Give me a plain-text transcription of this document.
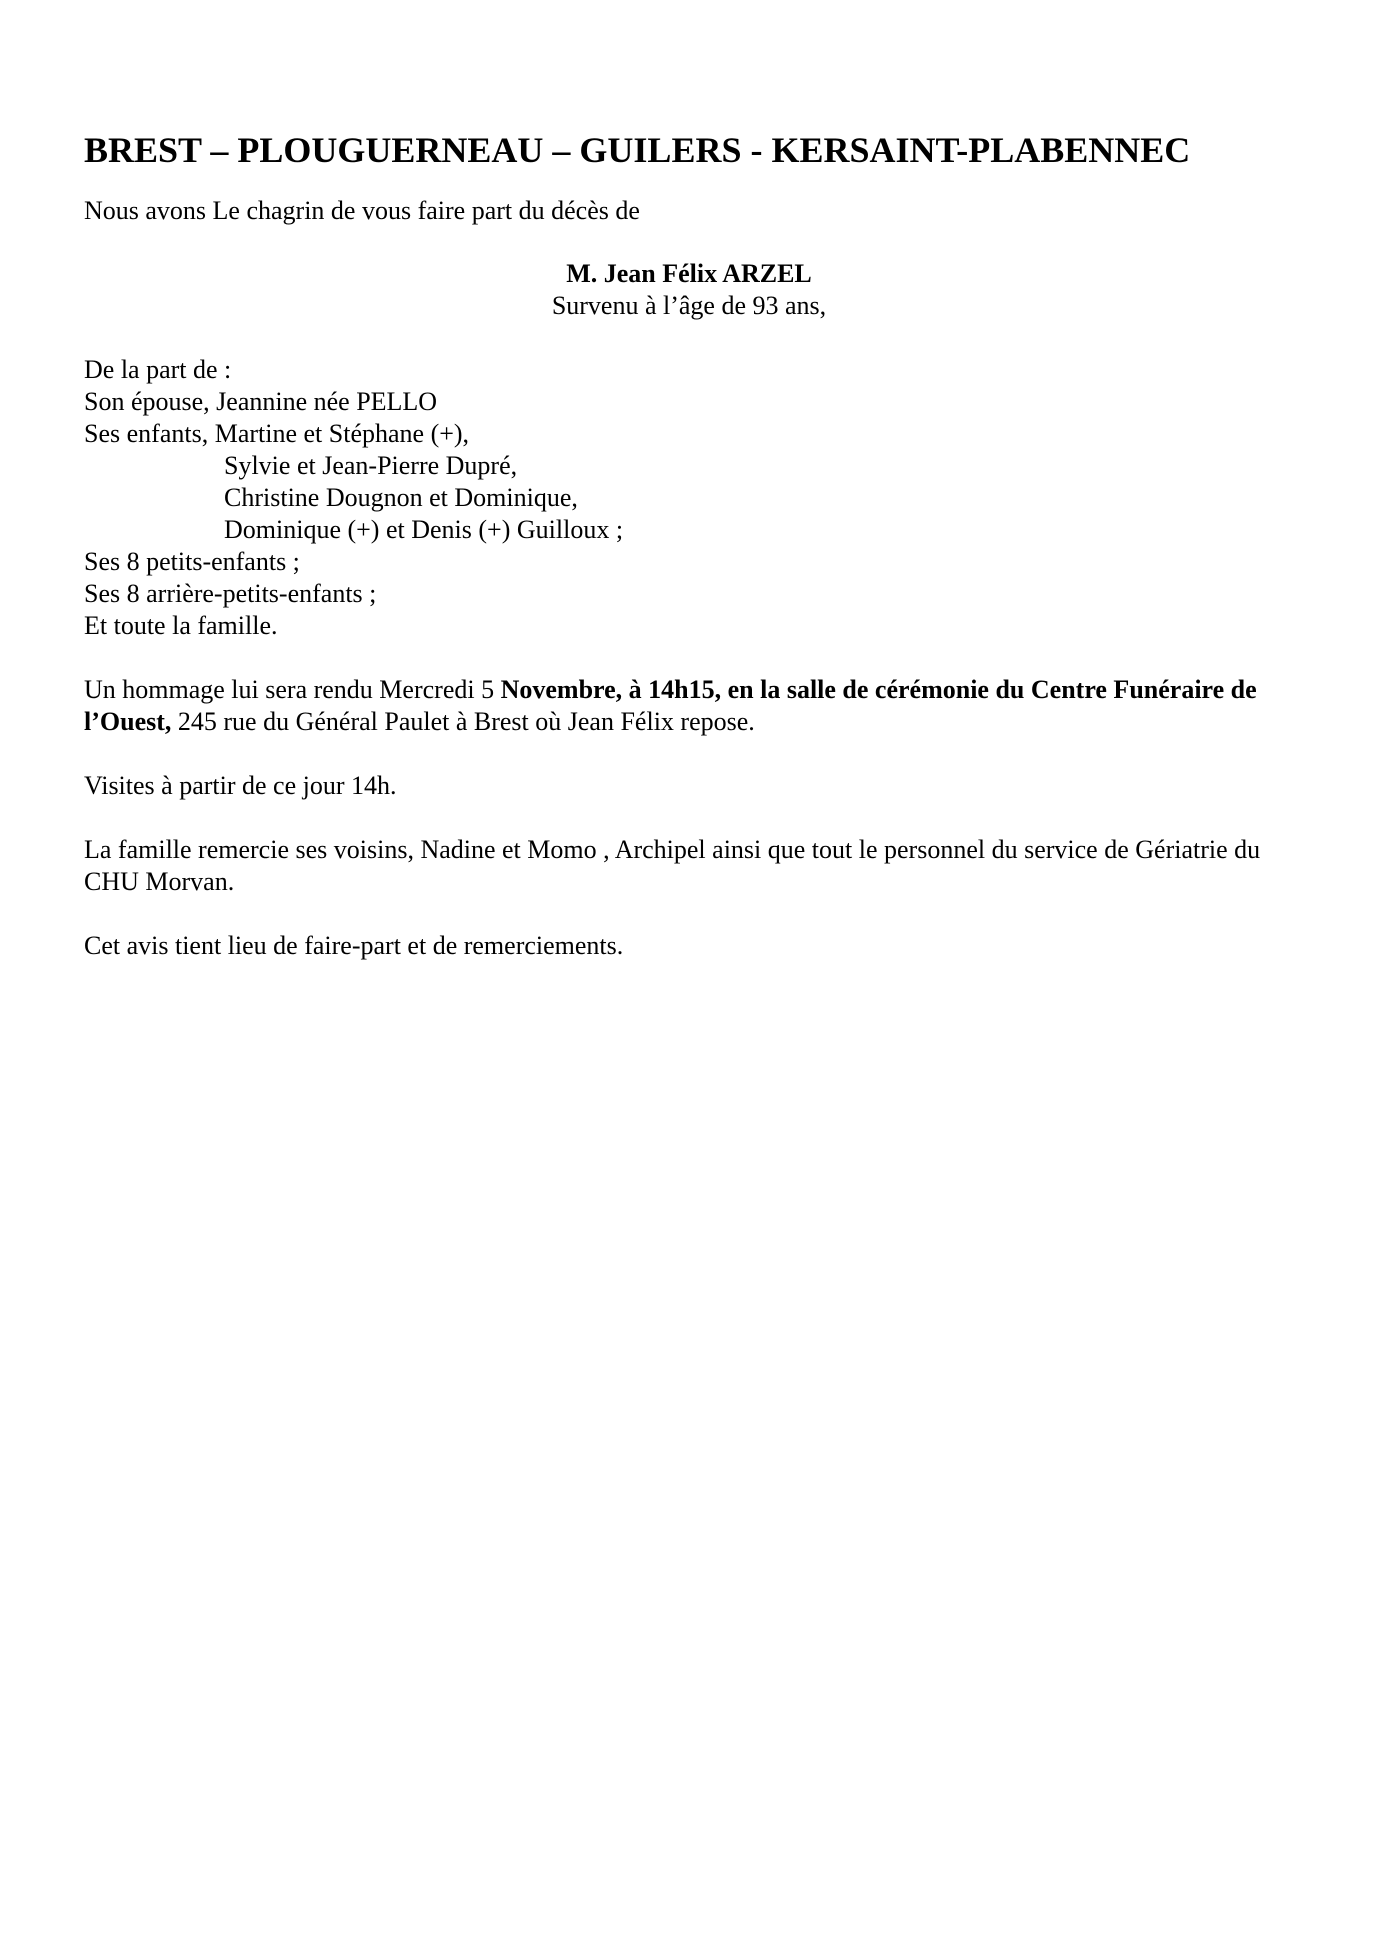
BREST – PLOUGUERNEAU – GUILERS - KERSAINT-PLABENNEC

Nous avons Le chagrin de vous faire part du décès de

M. Jean Félix ARZEL
Survenu à l’âge de 93 ans,
De la part de :
Son épouse, Jeannine née PELLO
Ses enfants, Martine et Stéphane (+),
Sylvie et Jean-Pierre Dupré,
Christine Dougnon et Dominique,
Dominique (+) et Denis (+) Guilloux ;
Ses 8 petits-enfants ;
Ses 8 arrière-petits-enfants ;
Et toute la famille.

Un hommage lui sera rendu Mercredi 5 Novembre, à 14h15, en la salle de cérémonie du Centre Funéraire de l’Ouest, 245 rue du Général Paulet à Brest où Jean Félix repose.

Visites à partir de ce jour 14h.

La famille remercie ses voisins, Nadine et Momo , Archipel ainsi que tout le personnel du service de Gériatrie du CHU Morvan.

Cet avis tient lieu de faire-part et de remerciements.
